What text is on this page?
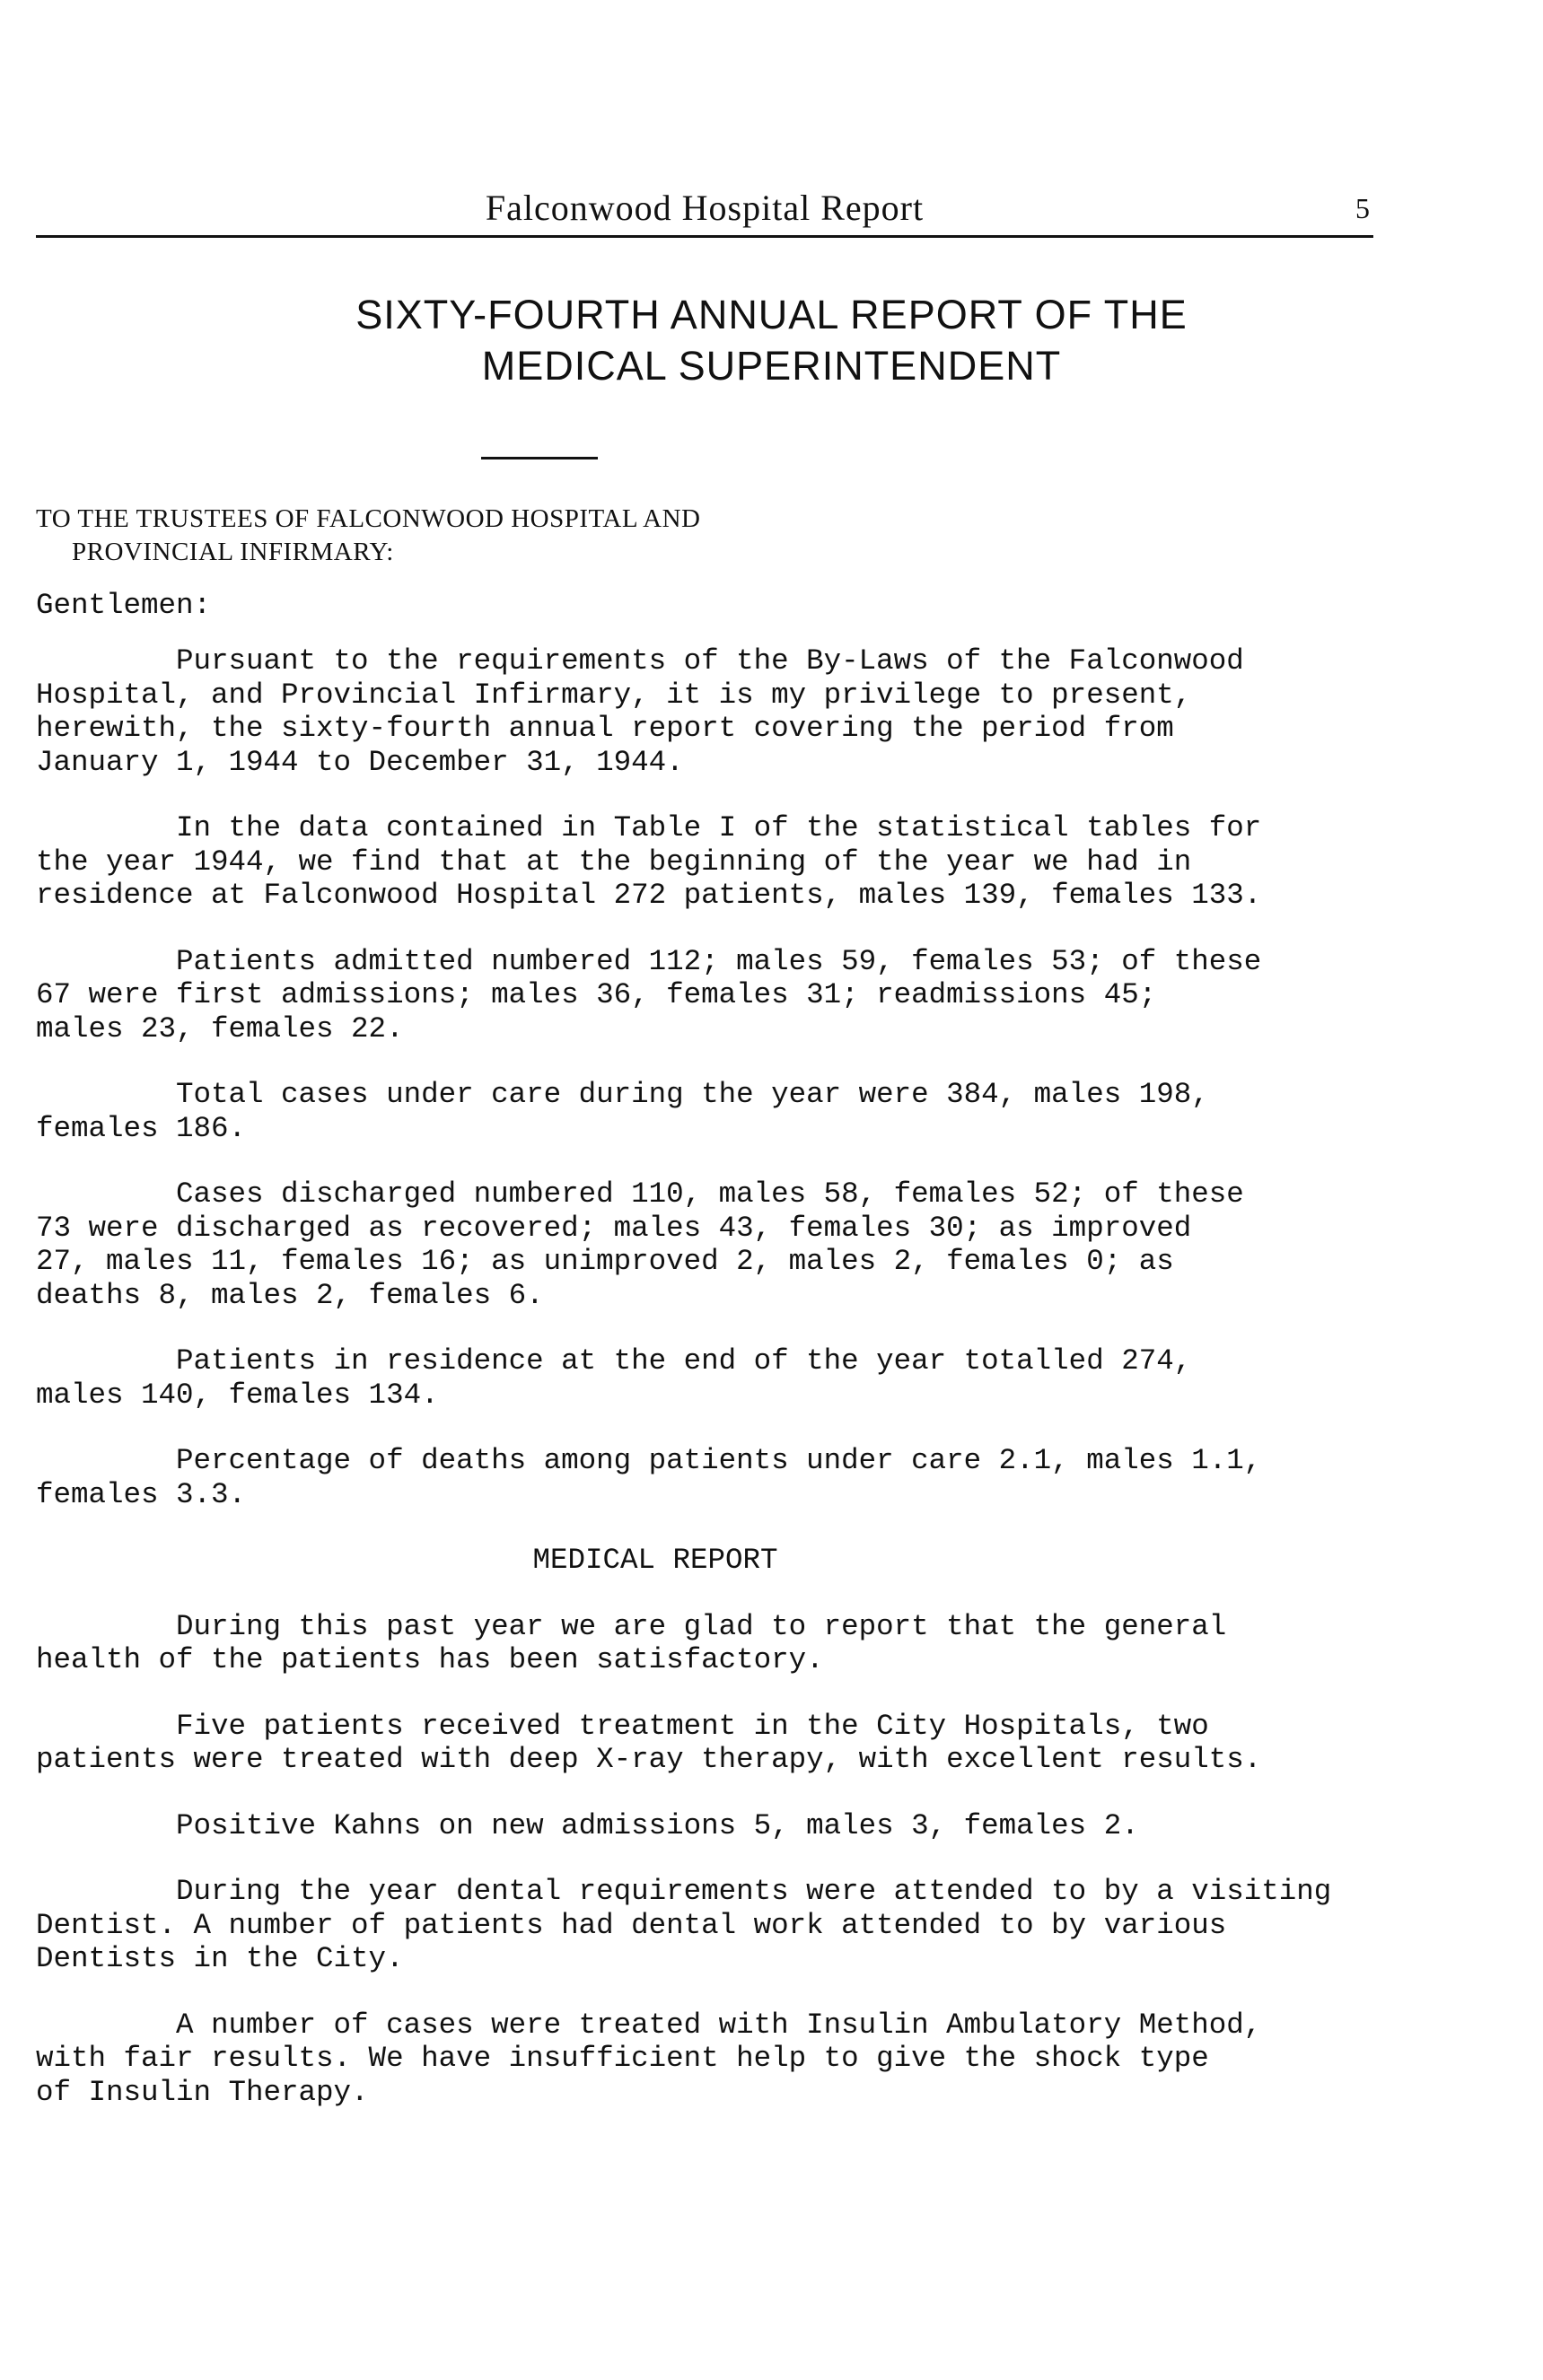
Falconwood Hospital Report	5
SIXTY-FOURTH ANNUAL REPORT OF THE
MEDICAL SUPERINTENDENT
TO THE TRUSTEES OF FALCONWOOD HOSPITAL AND
PROVINCIAL INFIRMARY:
Gentlemen:

Pursuant to the requirements of the By-Laws of the Falconwood
Hospital, and Provincial Infirmary, it is my privilege to present,
herewith, the sixty-fourth annual report covering the period from
January 1, 1944 to December 31, 1944.

In the data contained in Table I of the statistical tables for
the year 1944, we find that at the beginning of the year we had in
residence at Falconwood Hospital 272 patients, males 139, females 133.

Patients admitted numbered 112; males 59, females 53; of these
67 were first admissions; males 36, females 31; readmissions 45;
males 23, females 22.

Total cases under care during the year were 384, males 198,
females 186.

Cases discharged numbered 110, males 58, females 52; of these
73 were discharged as recovered; males 43, females 30; as improved
27, males 11, females 16; as unimproved 2, males 2, females 0; as
deaths 8, males 2, females 6.

Patients in residence at the end of the year totalled 274,
males 140, females 134.

Percentage of deaths among patients under care 2.1, males 1.1,
females 3.3.

MEDICAL REPORT

During this past year we are glad to report that the general
health of the patients has been satisfactory.

Five patients received treatment in the City Hospitals, two
patients were treated with deep X-ray therapy, with excellent results.

Positive Kahns on new admissions 5, males 3, females 2.

During the year dental requirements were attended to by a visiting
Dentist. A number of patients had dental work attended to by various
Dentists in the City.

A number of cases were treated with Insulin Ambulatory Method,
with fair results. We have insufficient help to give the shock type
of Insulin Therapy.
